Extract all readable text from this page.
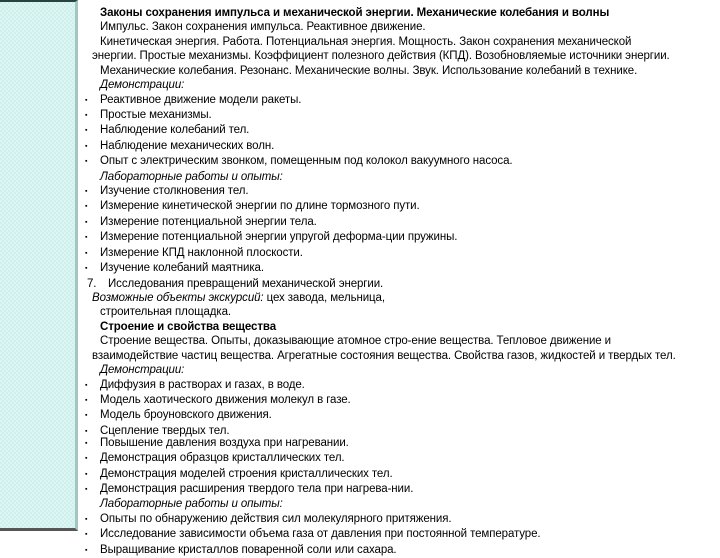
Законы сохранения импульса и механической энергии. Механические колебания и волны
Импульс. Закон сохранения импульса. Реактивное движение.
Кинетическая энергия. Работа. Потенциальная энергия. Мощность. Закон сохранения механической
энергии. Простые механизмы. Коэффициент полезного действия (КПД). Возобновляемые источники энергии.
Механические колебания. Резонанс. Механические волны. Звук. Использование колебаний в технике.
Демонстрации:
▪ Реактивное движение модели ракеты.
▪ Простые механизмы.
▪ Наблюдение колебаний тел.
▪ Наблюдение механических волн.
▪ Опыт с электрическим звонком, помещенным под колокол вакуумного насоса.
Лабораторные работы и опыты:
▪ Изучение столкновения тел.
▪ Измерение кинетической энергии по длине тормозного пути.
▪ Измерение потенциальной энергии тела.
▪ Измерение потенциальной энергии упругой деформа-ции пружины.
▪ Измерение КПД наклонной плоскости.
▪ Изучение колебаний маятника.
7. Исследования превращений механической энергии.
Возможные объекты экскурсий: цех завода, мельница,
строительная площадка.
Строение и свойства вещества
Строение вещества. Опыты, доказывающие атомное стро-ение вещества. Тепловое движение и
взаимодействие частиц вещества. Агрегатные состояния вещества. Свойства газов, жидкостей и твердых тел.
Демонстрации:
▪ Диффузия в растворах и газах, в воде.
▪ Модель хаотического движения молекул в газе.
▪ Модель броуновского движения.
▪ Сцепление твердых тел.
▪ Повышение давления воздуха при нагревании.
▪ Демонстрация образцов кристаллических тел.
▪ Демонстрация моделей строения кристаллических тел.
▪ Демонстрация расширения твердого тела при нагрева-нии.
Лабораторные работы и опыты:
▪ Опыты по обнаружению действия сил молекулярного притяжения.
▪ Исследование зависимости объема газа от давления при постоянной температуре.
▪ Выращивание кристаллов поваренной соли или сахара.
